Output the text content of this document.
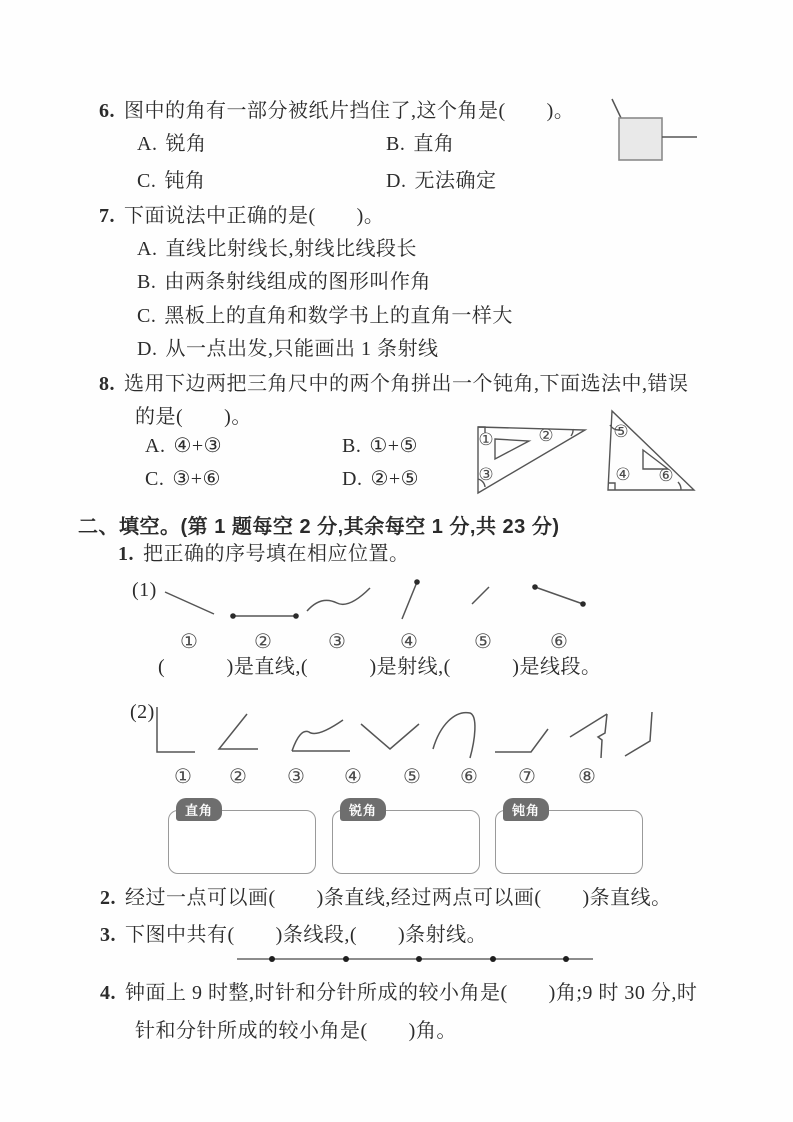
6. 图中的角有一部分被纸片挡住了,这个角是(　　)。
A. 锐角	B. 直角
C. 钝角	D. 无法确定
7. 下面说法中正确的是(　　)。
A. 直线比射线长,射线比线段长
B. 由两条射线组成的图形叫作角
C. 黑板上的直角和数学书上的直角一样大
D. 从一点出发,只能画出 1 条射线
8. 选用下边两把三角尺中的两个角拼出一个钝角,下面选法中,错误
的是(　　)。
A. ④+③	B. ①+⑤
C. ③+⑥	D. ②+⑤
①	②
③
⑤
④ ⑥
二、填空。(第 1 题每空 2 分,其余每空 1 分,共 23 分)
1. 把正确的序号填在相应位置。
(1)
①	②	③	④	⑤	⑥
(　　　)是直线,(　　　)是射线,(　　　)是线段。
(2)
① ② ③ ④ ⑤ ⑥ ⑦ ⑧
直角	锐角	钝角
2. 经过一点可以画(　　)条直线,经过两点可以画(　　)条直线。
3. 下图中共有(　　)条线段,(　　)条射线。
4. 钟面上 9 时整,时针和分针所成的较小角是(　　)角;9 时 30 分,时
针和分针所成的较小角是(　　)角。
